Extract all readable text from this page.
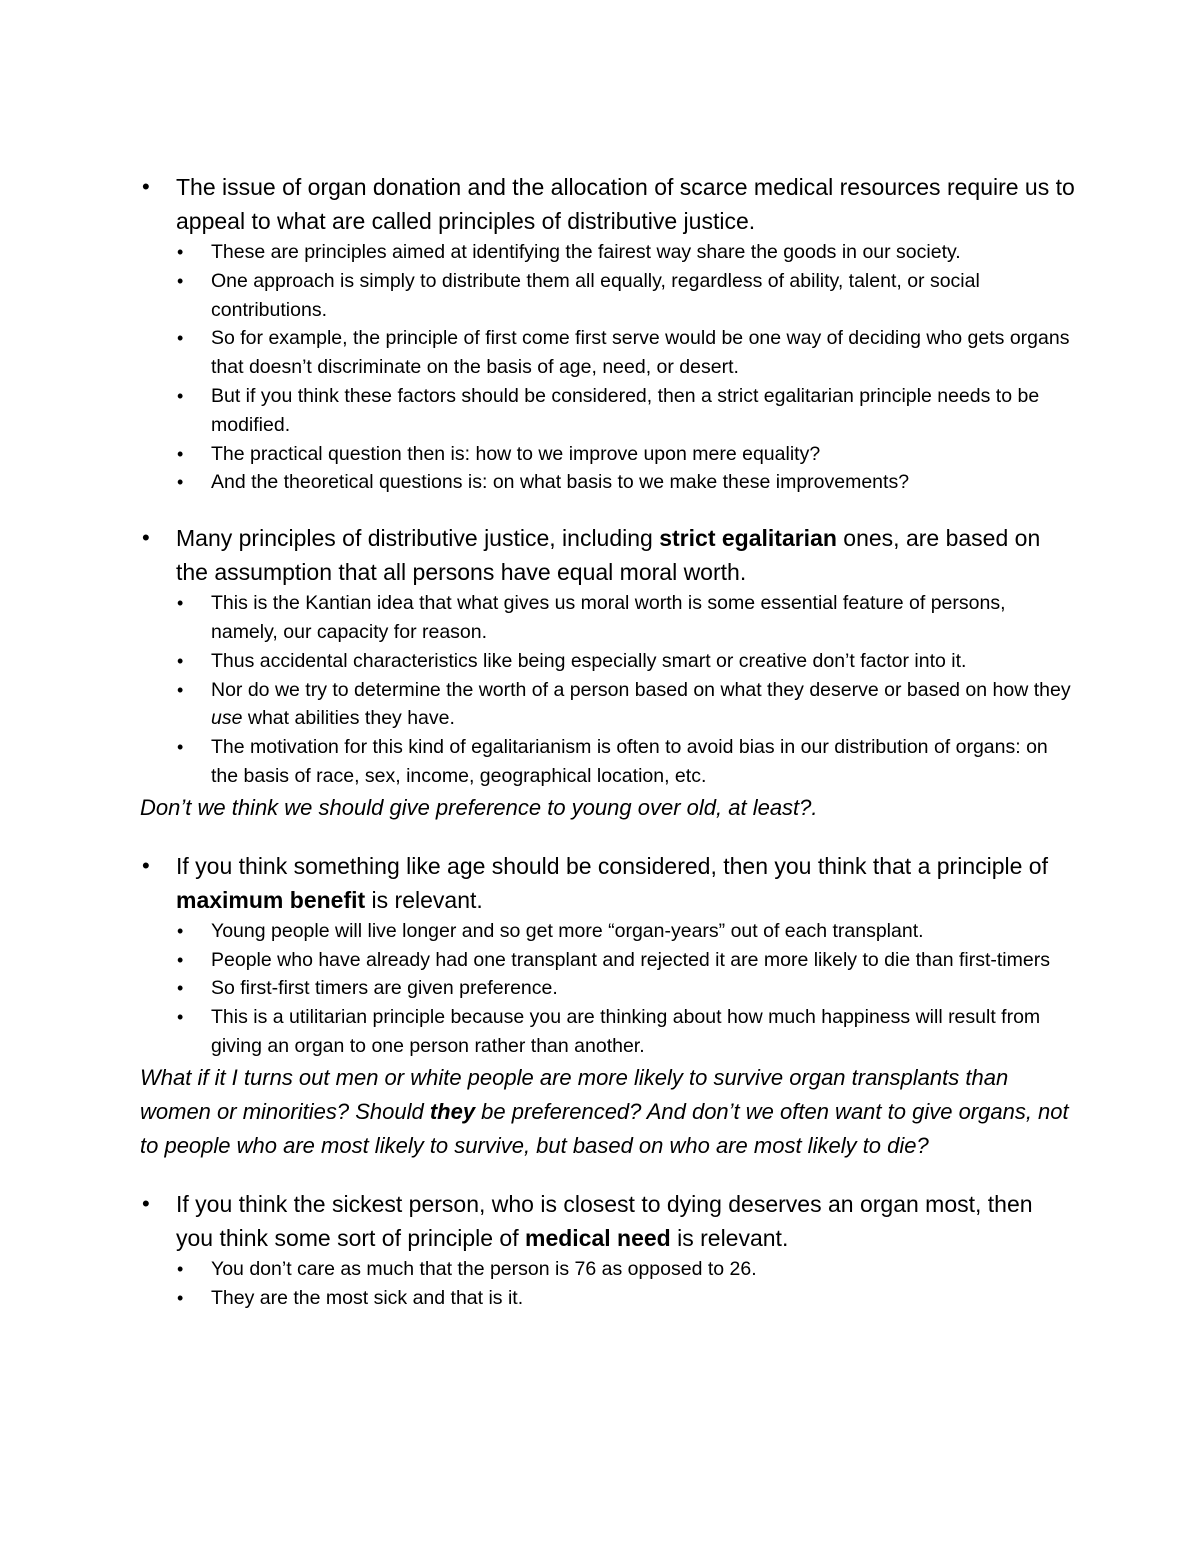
• The issue of organ donation and the allocation of scarce medical resources require us to appeal to what are called principles of distributive justice.
• These are principles aimed at identifying the fairest way share the goods in our society.
• One approach is simply to distribute them all equally, regardless of ability, talent, or social contributions.
• So for example, the principle of first come first serve would be one way of deciding who gets organs that doesn’t discriminate on the basis of age, need, or desert.
• But if you think these factors should be considered, then a strict egalitarian principle needs to be modified.
• The practical question then is: how to we improve upon mere equality?
• And the theoretical questions is: on what basis to we make these improvements?
• Many principles of distributive justice, including strict egalitarian ones, are based on the assumption that all persons have equal moral worth.
• This is the Kantian idea that what gives us moral worth is some essential feature of persons, namely, our capacity for reason.
• Thus accidental characteristics like being especially smart or creative don’t factor into it.
• Nor do we try to determine the worth of a person based on what they deserve or based on how they use what abilities they have.
• The motivation for this kind of egalitarianism is often to avoid bias in our distribution of organs: on the basis of race, sex, income, geographical location, etc.
Don’t we think we should give preference to young over old, at least?.
• If you think something like age should be considered, then you think that a principle of maximum benefit is relevant.
• Young people will live longer and so get more “organ-years” out of each transplant.
• People who have already had one transplant and rejected it are more likely to die than first-timers
• So first-first timers are given preference.
• This is a utilitarian principle because you are thinking about how much happiness will result from giving an organ to one person rather than another.
What if it I turns out men or white people are more likely to survive organ transplants than women or minorities? Should they be preferenced? And don’t we often want to give organs, not to people who are most likely to survive, but based on who are most likely to die?
• If you think the sickest person, who is closest to dying deserves an organ most, then you think some sort of principle of medical need is relevant.
• You don’t care as much that the person is 76 as opposed to 26.
• They are the most sick and that is it.
